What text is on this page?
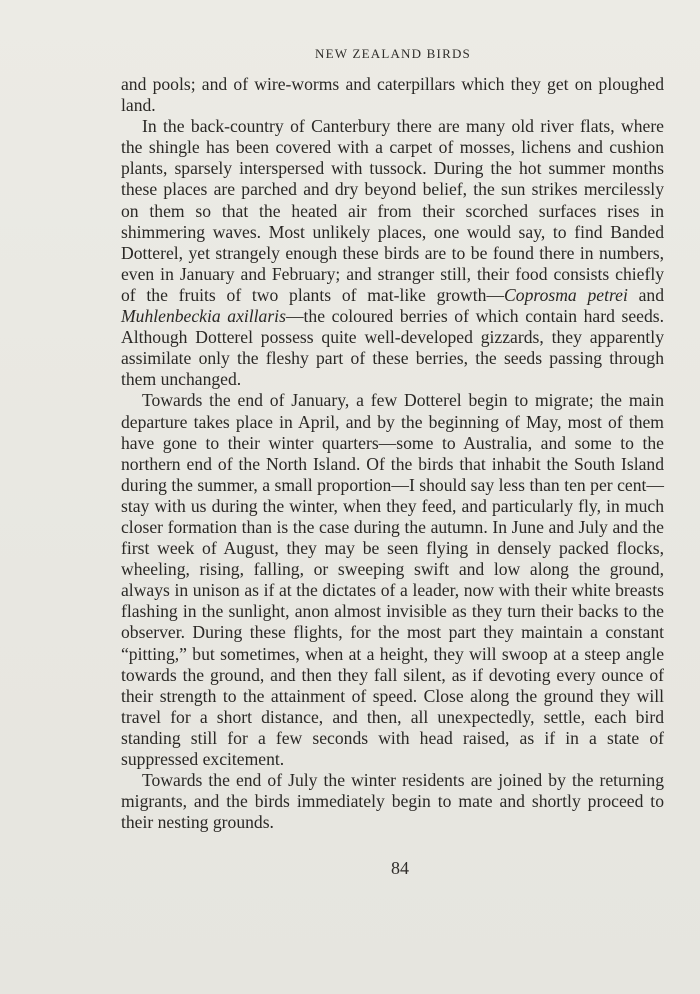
NEW ZEALAND BIRDS

and pools; and of wire-worms and caterpillars which they get on ploughed land.

In the back-country of Canterbury there are many old river flats, where the shingle has been covered with a carpet of mosses, lichens and cushion plants, sparsely interspersed with tussock. During the hot summer months these places are parched and dry beyond belief, the sun strikes mercilessly on them so that the heated air from their scorched surfaces rises in shimmering waves. Most unlikely places, one would say, to find Banded Dotterel, yet strangely enough these birds are to be found there in numbers, even in January and February; and stranger still, their food consists chiefly of the fruits of two plants of mat-like growth—Coprosma petrei and Muhlenbeckia axillaris—the coloured berries of which contain hard seeds. Although Dotterel possess quite well-developed gizzards, they apparently assimilate only the fleshy part of these berries, the seeds passing through them unchanged.

Towards the end of January, a few Dotterel begin to migrate; the main departure takes place in April, and by the beginning of May, most of them have gone to their winter quarters—some to Australia, and some to the northern end of the North Island. Of the birds that inhabit the South Island during the summer, a small proportion—I should say less than ten per cent—stay with us during the winter, when they feed, and particularly fly, in much closer formation than is the case during the autumn. In June and July and the first week of August, they may be seen flying in densely packed flocks, wheeling, rising, falling, or sweeping swift and low along the ground, always in unison as if at the dictates of a leader, now with their white breasts flashing in the sunlight, anon almost invisible as they turn their backs to the observer. During these flights, for the most part they maintain a constant “pitting,” but sometimes, when at a height, they will swoop at a steep angle towards the ground, and then they fall silent, as if devoting every ounce of their strength to the attainment of speed. Close along the ground they will travel for a short distance, and then, all unexpectedly, settle, each bird standing still for a few seconds with head raised, as if in a state of suppressed excitement.

Towards the end of July the winter residents are joined by the returning migrants, and the birds immediately begin to mate and shortly proceed to their nesting grounds.

84
